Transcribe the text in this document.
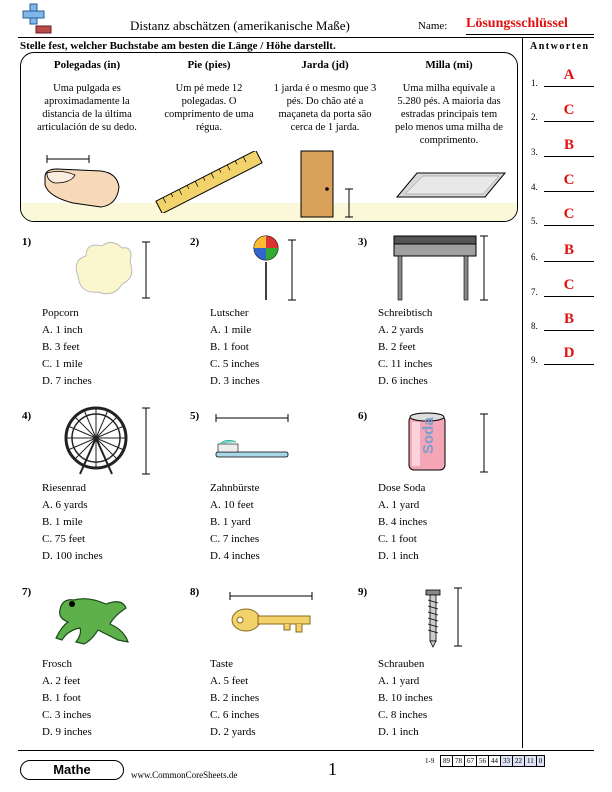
Distanz abschätzen (amerikanische Maße)	Name: Lösungsschlüssel
Stelle fest, welcher Buchstabe am besten die Länge / Höhe darstellt.	Antworten
1.	A
2.	C
3.	B
4.	C
5.	C
6.	B
7.	C
8.	B
9.	D
Polegadas (in)
Uma pulgada es aproximadamente la distancia de la última articulación de su dedo.
Pie (pies)
Um pé mede 12 polegadas. O comprimento de uma régua.
Jarda (jd)
1 jarda é o mesmo que 3 pés. Do chão até a maçaneta da porta são cerca de 1 jarda.
Milla (mi)
Uma milha equivale a 5.280 pés. A maioria das estradas principais tem pelo menos uma milha de comprimento.
1)
Popcorn
A. 1 inch
B. 3 feet
C. 1 mile
D. 7 inches
2)
Lutscher
A. 1 mile
B. 1 foot
C. 5 inches
D. 3 inches
3)
Schreibtisch
A. 2 yards
B. 2 feet
C. 11 inches
D. 6 inches
4)
Riesenrad
A. 6 yards
B. 1 mile
C. 75 feet
D. 100 inches
5)
Zahnbürste
A. 10 feet
B. 1 yard
C. 7 inches
D. 4 inches
6)
Soda
Dose Soda
A. 1 yard
B. 4 inches
C. 1 foot
D. 1 inch
7)
Frosch
A. 2 feet
B. 1 foot
C. 3 inches
D. 9 inches
8)
Taste
A. 5 feet
B. 2 inches
C. 6 inches
D. 2 yards
9)
Schrauben
A. 1 yard
B. 10 inches
C. 8 inches
D. 1 inch
Mathe	www.CommonCoreSheets.de	1	1-9 89	78	67	56	44	33	22	11	0
